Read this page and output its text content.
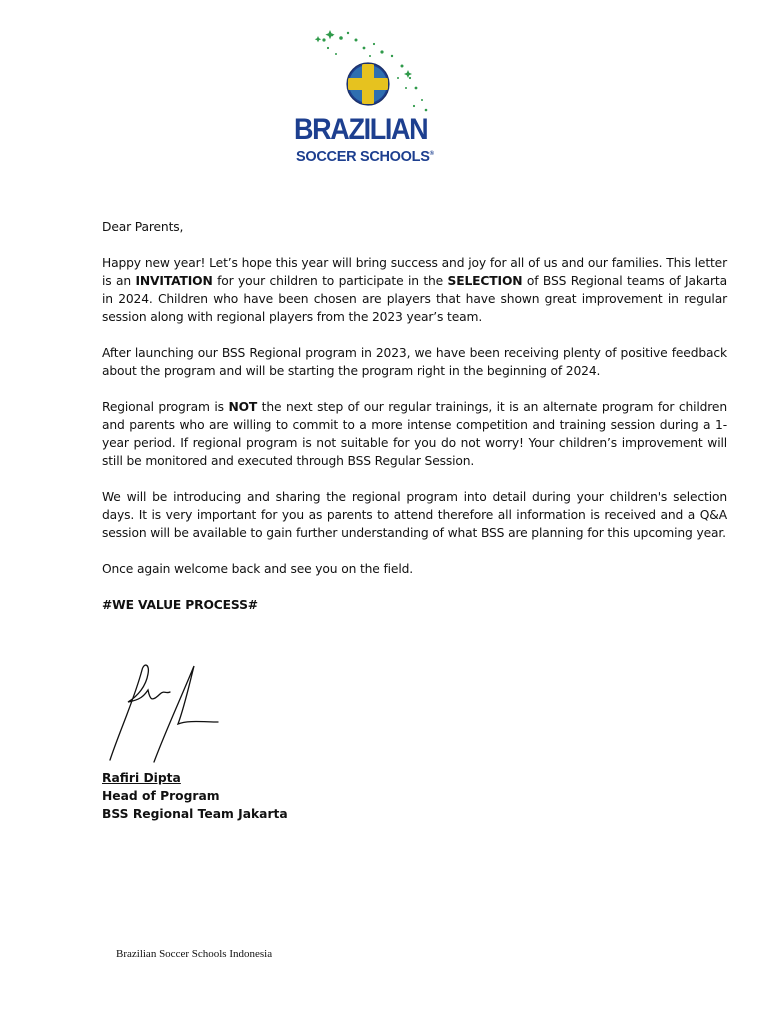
BRAZILIAN
SOCCER SCHOOLS®

Dear Parents,

Happy new year! Let’s hope this year will bring success and joy for all of us and our families. This letter is an INVITATION for your children to participate in the SELECTION of BSS Regional teams of Jakarta in 2024. Children who have been chosen are players that have shown great improvement in regular session along with regional players from the 2023 year’s team.

After launching our BSS Regional program in 2023, we have been receiving plenty of positive feedback about the program and will be starting the program right in the beginning of 2024.

Regional program is NOT the next step of our regular trainings, it is an alternate program for children and parents who are willing to commit to a more intense competition and training session during a 1-year period. If regional program is not suitable for you do not worry! Your children’s improvement will still be monitored and executed through BSS Regular Session.

We will be introducing and sharing the regional program into detail during your children's selection days. It is very important for you as parents to attend therefore all information is received and a Q&A session will be available to gain further understanding of what BSS are planning for this upcoming year.

Once again welcome back and see you on the field.

#WE VALUE PROCESS#

Rafiri Dipta
Head of Program
BSS Regional Team Jakarta
Brazilian Soccer Schools Indonesia
